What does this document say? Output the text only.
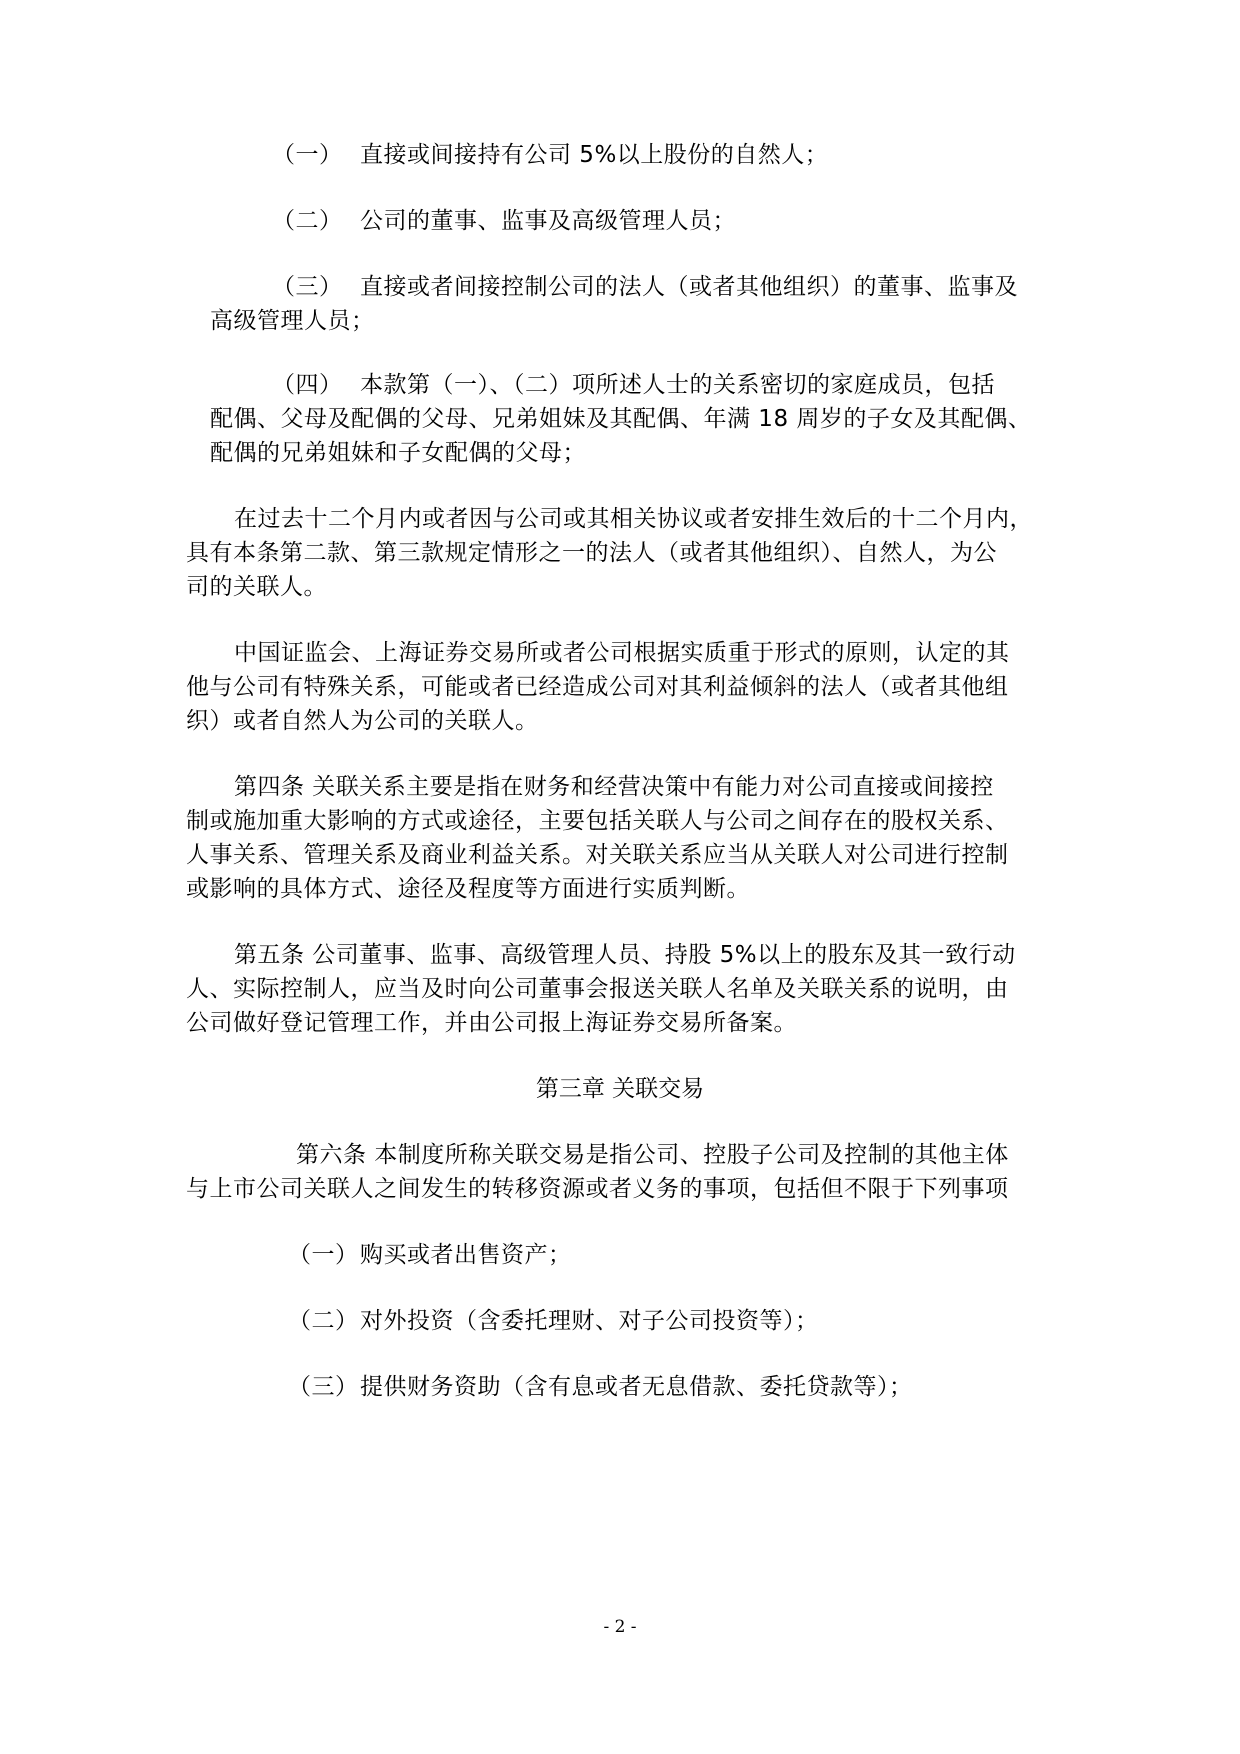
（一） 直接或间接持有公司 5%以上股份的自然人；
（二） 公司的董事、监事及高级管理人员；
（三） 直接或者间接控制公司的法人（或者其他组织）的董事、监事及
高级管理人员；
（四） 本款第（一）、（二）项所述人士的关系密切的家庭成员，包括
配偶、父母及配偶的父母、兄弟姐妹及其配偶、年满 18 周岁的子女及其配偶、
配偶的兄弟姐妹和子女配偶的父母；
在过去十二个月内或者因与公司或其相关协议或者安排生效后的十二个月内，
具有本条第二款、第三款规定情形之一的法人（或者其他组织）、自然人，为公
司的关联人。
中国证监会、上海证券交易所或者公司根据实质重于形式的原则，认定的其
他与公司有特殊关系，可能或者已经造成公司对其利益倾斜的法人（或者其他组
织）或者自然人为公司的关联人。
第四条 关联关系主要是指在财务和经营决策中有能力对公司直接或间接控
制或施加重大影响的方式或途径，主要包括关联人与公司之间存在的股权关系、
人事关系、管理关系及商业利益关系。对关联关系应当从关联人对公司进行控制
或影响的具体方式、途径及程度等方面进行实质判断。
第五条 公司董事、监事、高级管理人员、持股 5%以上的股东及其一致行动
人、实际控制人，应当及时向公司董事会报送关联人名单及关联关系的说明，由
公司做好登记管理工作，并由公司报上海证券交易所备案。
第三章 关联交易
第六条 本制度所称关联交易是指公司、控股子公司及控制的其他主体
与上市公司关联人之间发生的转移资源或者义务的事项，包括但不限于下列事项
（一）购买或者出售资产；
（二）对外投资（含委托理财、对子公司投资等）；
（三）提供财务资助（含有息或者无息借款、委托贷款等）；
- 2 -
